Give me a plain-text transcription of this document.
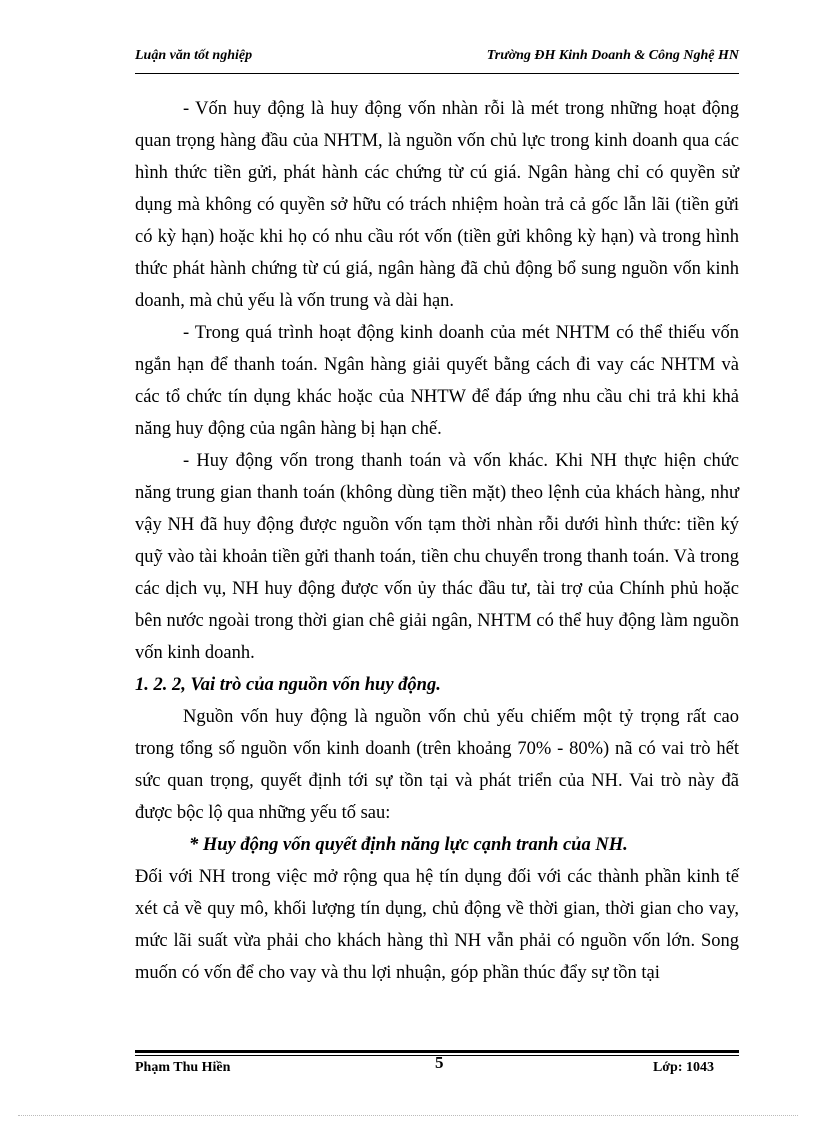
Luận văn tốt nghiệp	Trường ĐH Kinh Doanh & Công Nghệ HN

- Vốn huy động là huy động vốn nhàn rỗi là mét trong những hoạt động quan trọng hàng đầu của NHTM, là nguồn vốn chủ lực trong kinh doanh qua các hình thức tiền gửi, phát hành các chứng từ cú giá. Ngân hàng chỉ có quyền sử dụng mà không có quyền sở hữu có trách nhiệm hoàn trả cả gốc lẫn lãi (tiền gửi có kỳ hạn) hoặc khi họ có nhu cầu rót vốn (tiền gửi không kỳ hạn) và trong hình thức phát hành chứng từ cú giá, ngân hàng đã chủ động bổ sung nguồn vốn kinh doanh, mà chủ yếu là vốn trung và dài hạn.

- Trong quá trình hoạt động kinh doanh của mét NHTM có thể thiếu vốn ngắn hạn để thanh toán. Ngân hàng giải quyết bằng cách đi vay các NHTM và các tổ chức tín dụng khác hoặc của NHTW để đáp ứng nhu cầu chi trả khi khả năng huy động của ngân hàng bị hạn chế.

- Huy động vốn trong thanh toán và vốn khác. Khi NH thực hiện chức năng trung gian thanh toán (không dùng tiền mặt) theo lệnh của khách hàng, như vậy NH đã huy động được nguồn vốn tạm thời nhàn rỗi dưới hình thức: tiền ký quỹ vào tài khoản tiền gửi thanh toán, tiền chu chuyển trong thanh toán. Và trong các dịch vụ, NH huy động được vốn ủy thác đầu tư, tài trợ của Chính phủ hoặc bên nước ngoài trong thời gian chê giải ngân, NHTM có thể huy động làm nguồn vốn kinh doanh.

1. 2. 2, Vai trò của nguồn vốn huy động.

Nguồn vốn huy động là nguồn vốn chủ yếu chiếm một tỷ trọng rất cao trong tổng số nguồn vốn kinh doanh (trên khoảng 70% - 80%) nã có vai trò hết sức quan trọng, quyết định tới sự tồn tại và phát triển của NH. Vai trò này đã được bộc lộ qua những yếu tố sau:

* Huy động vốn quyết định năng lực cạnh tranh của NH.

Đối với NH trong việc mở rộng qua hệ tín dụng đối với các thành phần kinh tế xét cả về quy mô, khối lượng tín dụng, chủ động về thời gian, thời gian cho vay, mức lãi suất vừa phải cho khách hàng thì NH vẫn phải có nguồn vốn lớn. Song muốn có vốn để cho vay và thu lợi nhuận, góp phần thúc đẩy sự tồn tại

Phạm Thu Hiền	5	Lớp: 1043
